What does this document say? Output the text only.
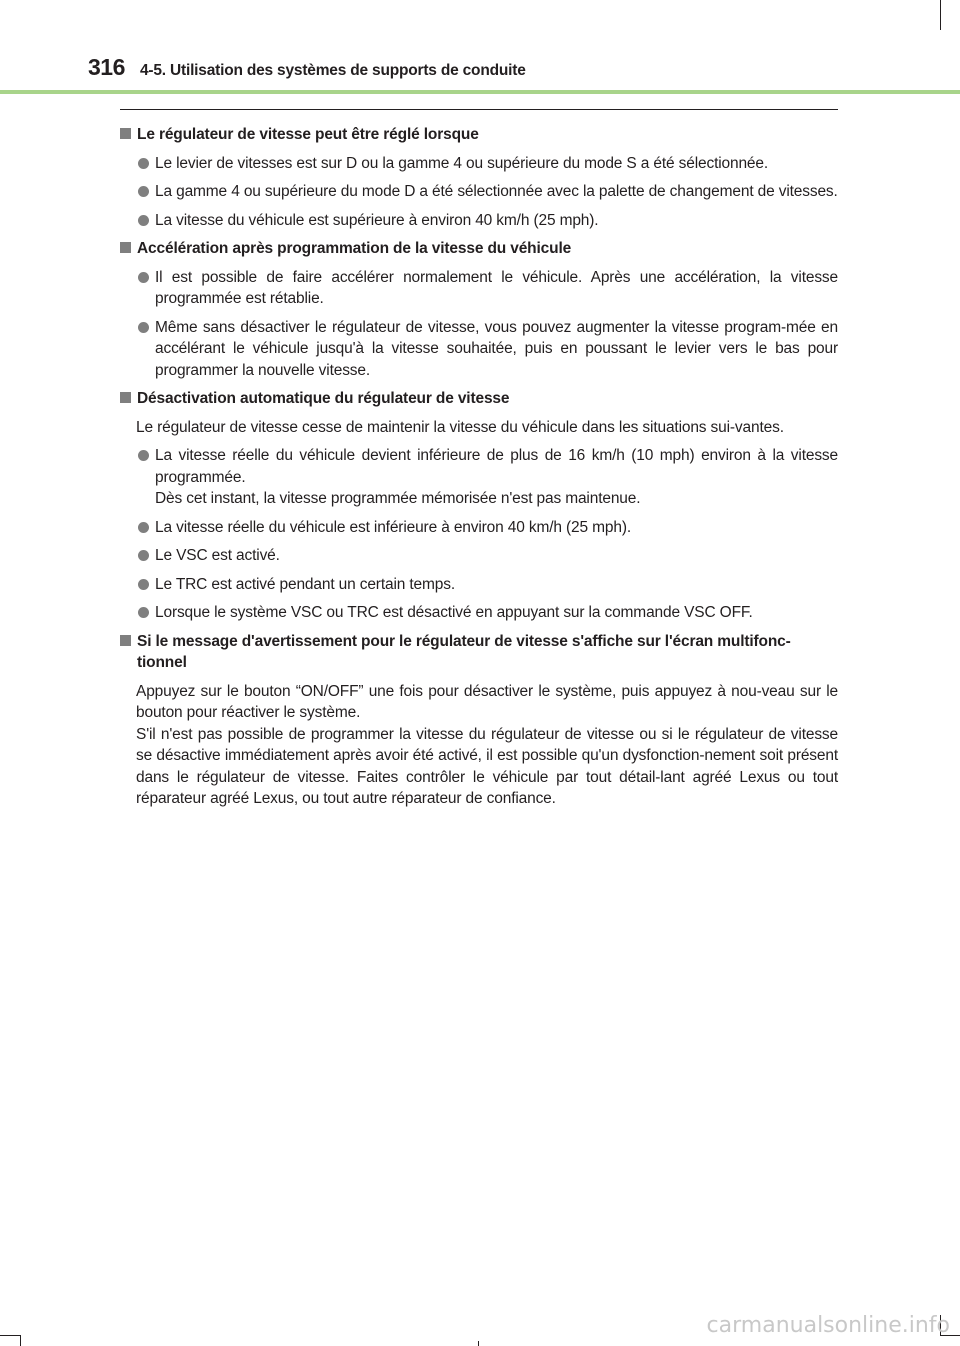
316 4-5. Utilisation des systèmes de supports de conduite
Le régulateur de vitesse peut être réglé lorsque

Le levier de vitesses est sur D ou la gamme 4 ou supérieure du mode S a été sélectionnée.

La gamme 4 ou supérieure du mode D a été sélectionnée avec la palette de changement de vitesses.

La vitesse du véhicule est supérieure à environ 40 km/h (25 mph).

Accélération après programmation de la vitesse du véhicule

Il est possible de faire accélérer normalement le véhicule. Après une accélération, la vitesse programmée est rétablie.

Même sans désactiver le régulateur de vitesse, vous pouvez augmenter la vitesse program-mée en accélérant le véhicule jusqu'à la vitesse souhaitée, puis en poussant le levier vers le bas pour programmer la nouvelle vitesse.

Désactivation automatique du régulateur de vitesse
Le régulateur de vitesse cesse de maintenir la vitesse du véhicule dans les situations sui-vantes.

La vitesse réelle du véhicule devient inférieure de plus de 16 km/h (10 mph) environ à la vitesse programmée.

Dès cet instant, la vitesse programmée mémorisée n'est pas maintenue.

La vitesse réelle du véhicule est inférieure à environ 40 km/h (25 mph).

Le VSC est activé.

Le TRC est activé pendant un certain temps.

Lorsque le système VSC ou TRC est désactivé en appuyant sur la commande VSC OFF.

Si le message d'avertissement pour le régulateur de vitesse s'affiche sur l'écran multifonc-tionnel
Appuyez sur le bouton “ON/OFF” une fois pour désactiver le système, puis appuyez à nou-veau sur le bouton pour réactiver le système.
S'il n'est pas possible de programmer la vitesse du régulateur de vitesse ou si le régulateur de vitesse se désactive immédiatement après avoir été activé, il est possible qu'un dysfonction-nement soit présent dans le régulateur de vitesse. Faites contrôler le véhicule par tout détail-lant agréé Lexus ou tout réparateur agréé Lexus, ou tout autre réparateur de confiance.
carmanualsonline.info
